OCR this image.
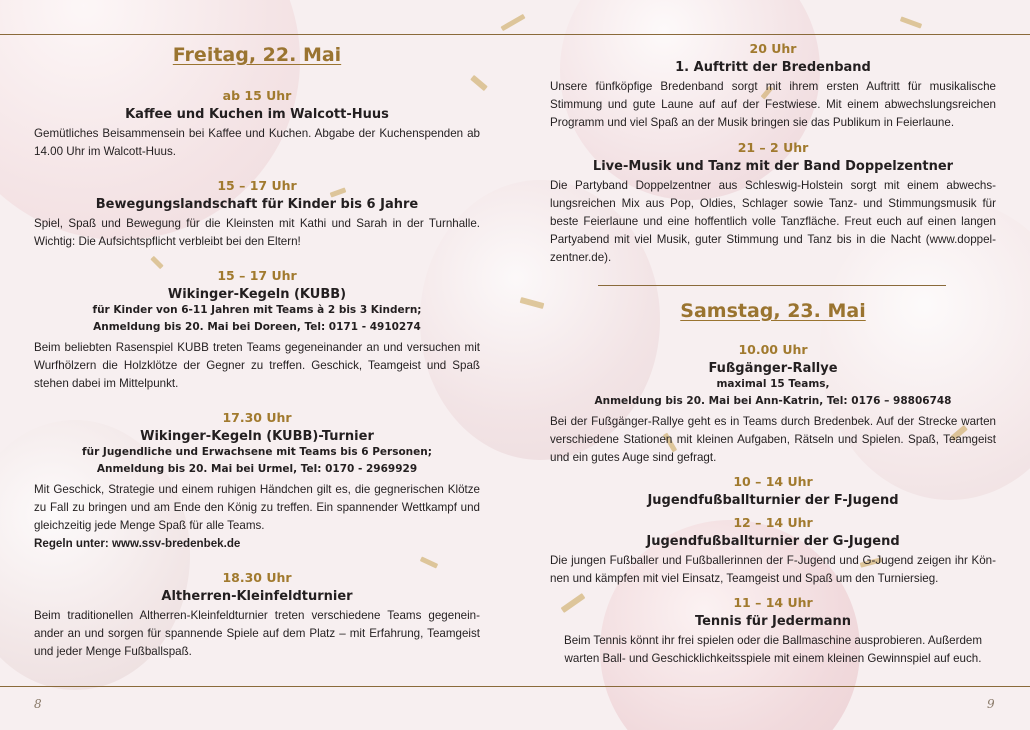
Freitag, 22. Mai
ab 15 Uhr
Kaffee und Kuchen im Walcott-Huus
Gemütliches Beisammensein bei Kaffee und Kuchen. Abgabe der Kuchenspenden ab 14.00 Uhr im Walcott-Huus.
15 – 17 Uhr
Bewegungslandschaft für Kinder bis 6 Jahre
Spiel, Spaß und Bewegung für die Kleinsten mit Kathi und Sarah in der Turnhalle. Wichtig: Die Aufsichtspflicht verbleibt bei den Eltern!
15 – 17 Uhr
Wikinger-Kegeln (KUBB)
für Kinder von 6-11 Jahren mit Teams à 2 bis 3 Kindern;
Anmeldung bis 20. Mai bei Doreen, Tel: 0171 - 4910274
Beim beliebten Rasenspiel KUBB treten Teams gegeneinander an und versuchen mit Wurfhölzern die Holzklötze der Gegner zu treffen. Geschick, Teamgeist und Spaß stehen dabei im Mittelpunkt.
17.30 Uhr
Wikinger-Kegeln (KUBB)-Turnier
für Jugendliche und Erwachsene mit Teams bis 6 Personen;
Anmeldung bis 20. Mai bei Urmel, Tel: 0170 - 2969929
Mit Geschick, Strategie und einem ruhigen Händchen gilt es, die gegnerischen Klötze zu Fall zu bringen und am Ende den König zu treffen. Ein spannender Wettkampf und gleichzeitig jede Menge Spaß für alle Teams.
Regeln unter: www.ssv-bredenbek.de
18.30 Uhr
Altherren-Kleinfeldturnier
Beim traditionellen Altherren-Kleinfeldturnier treten verschiedene Teams gegeneinander an und sorgen für spannende Spiele auf dem Platz – mit Erfahrung, Teamgeist und jeder Menge Fußballspaß.
20 Uhr
1. Auftritt der Bredenband
Unsere fünfköpfige Bredenband sorgt mit ihrem ersten Auftritt für musikalische Stimmung und gute Laune auf auf der Festwiese. Mit einem abwechslungsreichen Programm und viel Spaß an der Musik bringen sie das Publikum in Feierlaune.
21 – 2 Uhr
Live-Musik und Tanz mit der Band Doppelzentner
Die Partyband Doppelzentner aus Schleswig-Holstein sorgt mit einem abwechslungsreichen Mix aus Pop, Oldies, Schlager sowie Tanz- und Stimmungsmusik für beste Feierlaune und eine hoffentlich volle Tanzfläche. Freut euch auf einen langen Partyabend mit viel Musik, guter Stimmung und Tanz bis in die Nacht (www.doppelzentner.de).
Samstag, 23. Mai
10.00 Uhr
Fußgänger-Rallye
maximal 15 Teams,
Anmeldung bis 20. Mai bei Ann-Katrin, Tel: 0176 – 98806748
Bei der Fußgänger-Rallye geht es in Teams durch Bredenbek. Auf der Strecke warten verschiedene Stationen mit kleinen Aufgaben, Rätseln und Spielen. Spaß, Teamgeist und ein gutes Auge sind gefragt.
10 – 14 Uhr
Jugendfußballturnier der F-Jugend
12 – 14 Uhr
Jugendfußballturnier der G-Jugend
Die jungen Fußballer und Fußballerinnen der F-Jugend und G-Jugend zeigen ihr Können und kämpfen mit viel Einsatz, Teamgeist und Spaß um den Turniersieg.
11 – 14 Uhr
Tennis für Jedermann
Beim Tennis könnt ihr frei spielen oder die Ballmaschine ausprobieren. Außerdem warten Ball- und Geschicklichkeitsspiele mit einem kleinen Gewinnspiel auf euch.
8	9
